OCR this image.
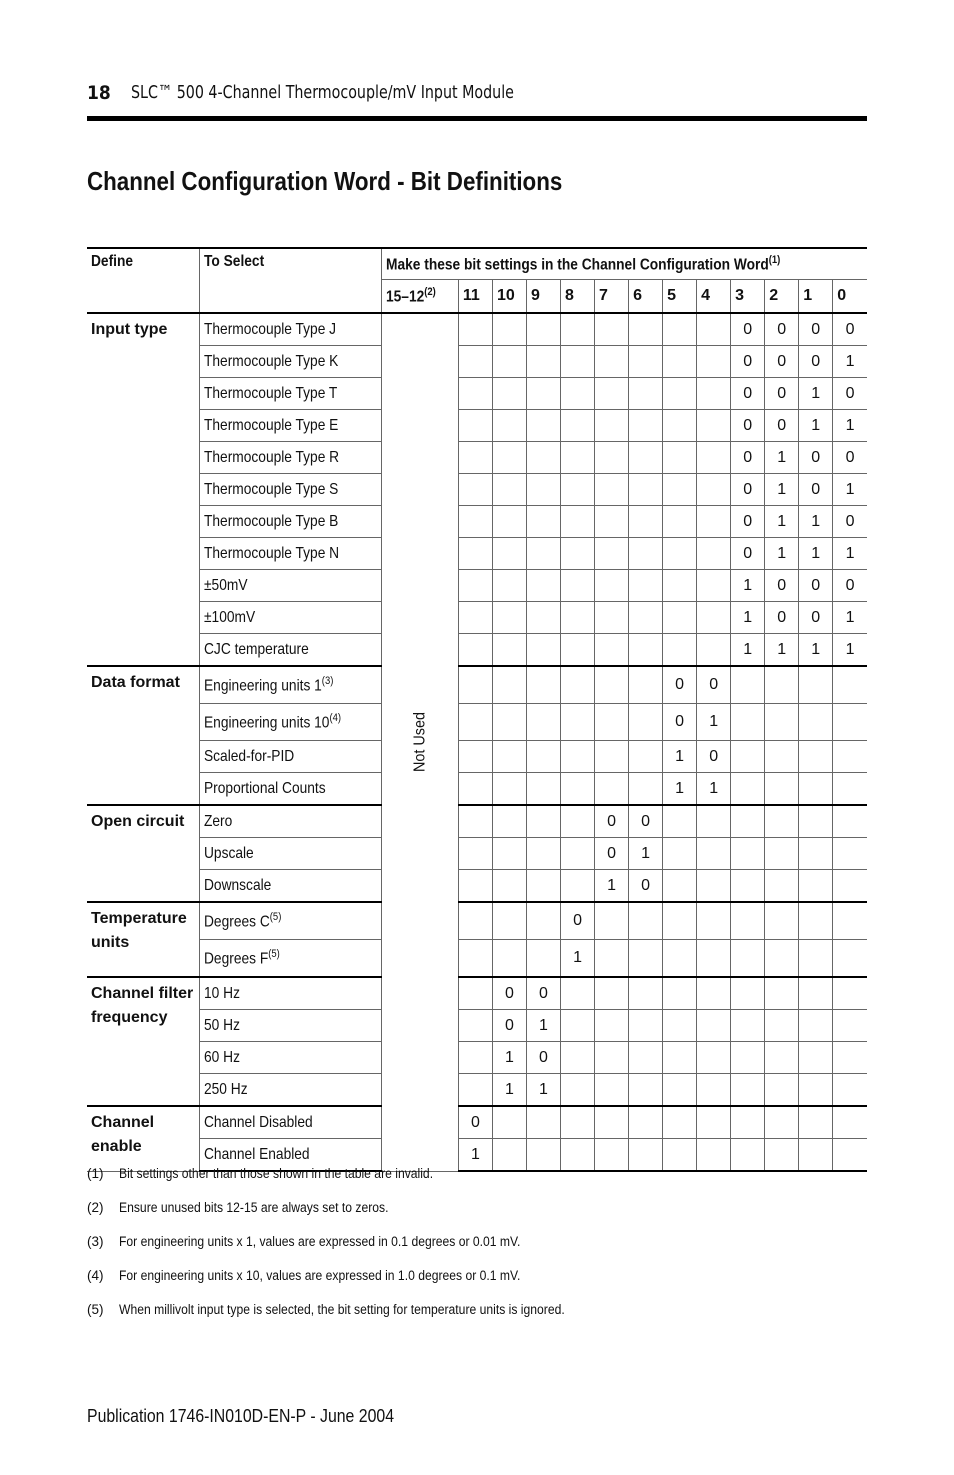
18 SLC™ 500 4-Channel Thermocouple/mV Input Module
Channel Configuration Word - Bit Definitions
Define	To Select	Make these bit settings in the Channel Configuration Word$^{(1)}$
		15–12$^{(2)}$	11	10	9	8	7	6	5	4	3	2	1	0
Input type	Thermocouple Type J	Not Used									0	0	0	0
	Thermocouple Type K										0	0	0	1
	Thermocouple Type T										0	0	1	0
	Thermocouple Type E										0	0	1	1
	Thermocouple Type R										0	1	0	0
	Thermocouple Type S										0	1	0	1
	Thermocouple Type B										0	1	1	0
	Thermocouple Type N										0	1	1	1
	±50mV										1	0	0	0
	±100mV										1	0	0	1
	CJC temperature										1	1	1	1
Data format	Engineering units 1$^{(3)}$								0	0				
	Engineering units 10$^{(4)}$								0	1				
	Scaled-for-PID								1	0				
	Proportional Counts								1	1				
Open circuit	Zero						0	0						
	Upscale						0	1						
	Downscale						1	0						
Temperature units	Degrees $C^{(5)}$					0								
	Degrees $F^{(5)}$					1								
Channel filter frequency	10 Hz			0	0									
	50 Hz			0	1									
	60 Hz			1	0									
	250 Hz			1	1									
Channel enable	Channel Disabled		0											
	Channel Enabled		1											
(1) Bit settings other than those shown in the table are invalid.
(2) Ensure unused bits 12-15 are always set to zeros.
(3) For engineering units x 1, values are expressed in 0.1 degrees or 0.01 mV.
(4) For engineering units x 10, values are expressed in 1.0 degrees or 0.1 mV.
(5) When millivolt input type is selected, the bit setting for temperature units is ignored.
Publication 1746-IN010D-EN-P - June 2004
